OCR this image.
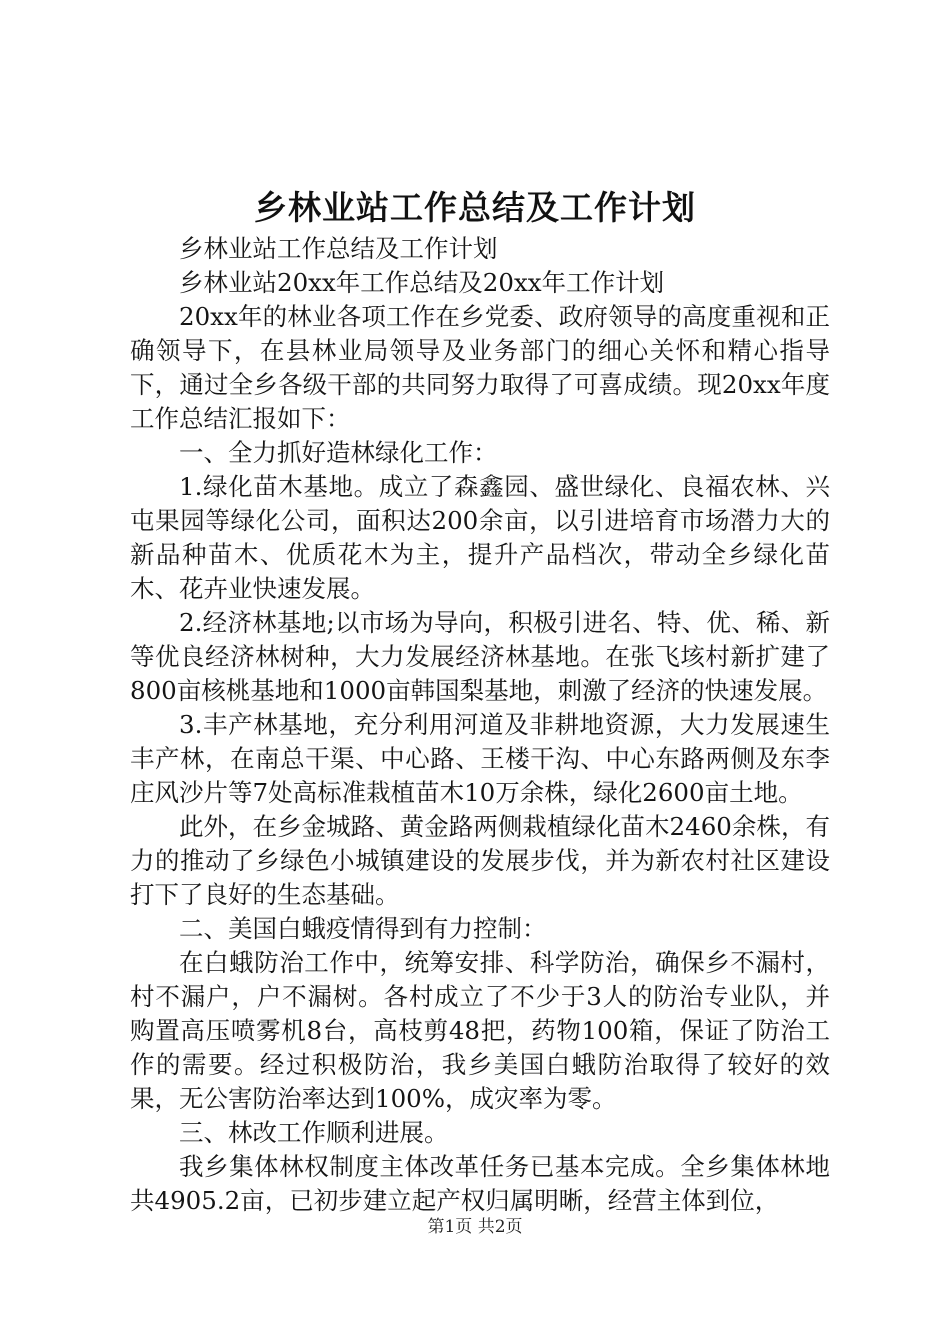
乡林业站工作总结及工作计划

乡林业站工作总结及工作计划

乡林业站20xx年工作总结及20xx年工作计划

20xx年的林业各项工作在乡党委、政府领导的高度重视和正确领导下，在县林业局领导及业务部门的细心关怀和精心指导下，通过全乡各级干部的共同努力取得了可喜成绩。现20xx年度工作总结汇报如下：

一、全力抓好造林绿化工作：

1.绿化苗木基地。成立了森鑫园、盛世绿化、良福农林、兴屯果园等绿化公司，面积达200余亩，以引进培育市场潜力大的新品种苗木、优质花木为主，提升产品档次，带动全乡绿化苗木、花卉业快速发展。

2.经济林基地;以市场为导向，积极引进名、特、优、稀、新等优良经济林树种，大力发展经济林基地。在张飞垓村新扩建了800亩核桃基地和1000亩韩国梨基地，刺激了经济的快速发展。

3.丰产林基地，充分利用河道及非耕地资源，大力发展速生丰产林，在南总干渠、中心路、王楼干沟、中心东路两侧及东李庄风沙片等7处高标准栽植苗木10万余株，绿化2600亩土地。

此外，在乡金城路、黄金路两侧栽植绿化苗木2460余株，有力的推动了乡绿色小城镇建设的发展步伐，并为新农村社区建设打下了良好的生态基础。

二、美国白蛾疫情得到有力控制：

在白蛾防治工作中，统筹安排、科学防治，确保乡不漏村，村不漏户，户不漏树。各村成立了不少于3人的防治专业队，并购置高压喷雾机8台，高枝剪48把，药物100箱，保证了防治工作的需要。经过积极防治，我乡美国白蛾防治取得了较好的效果，无公害防治率达到100%，成灾率为零。

三、林改工作顺利进展。

我乡集体林权制度主体改革任务已基本完成。全乡集体林地共4905.2亩，已初步建立起产权归属明晰，经营主体到位，

第1页 共2页
